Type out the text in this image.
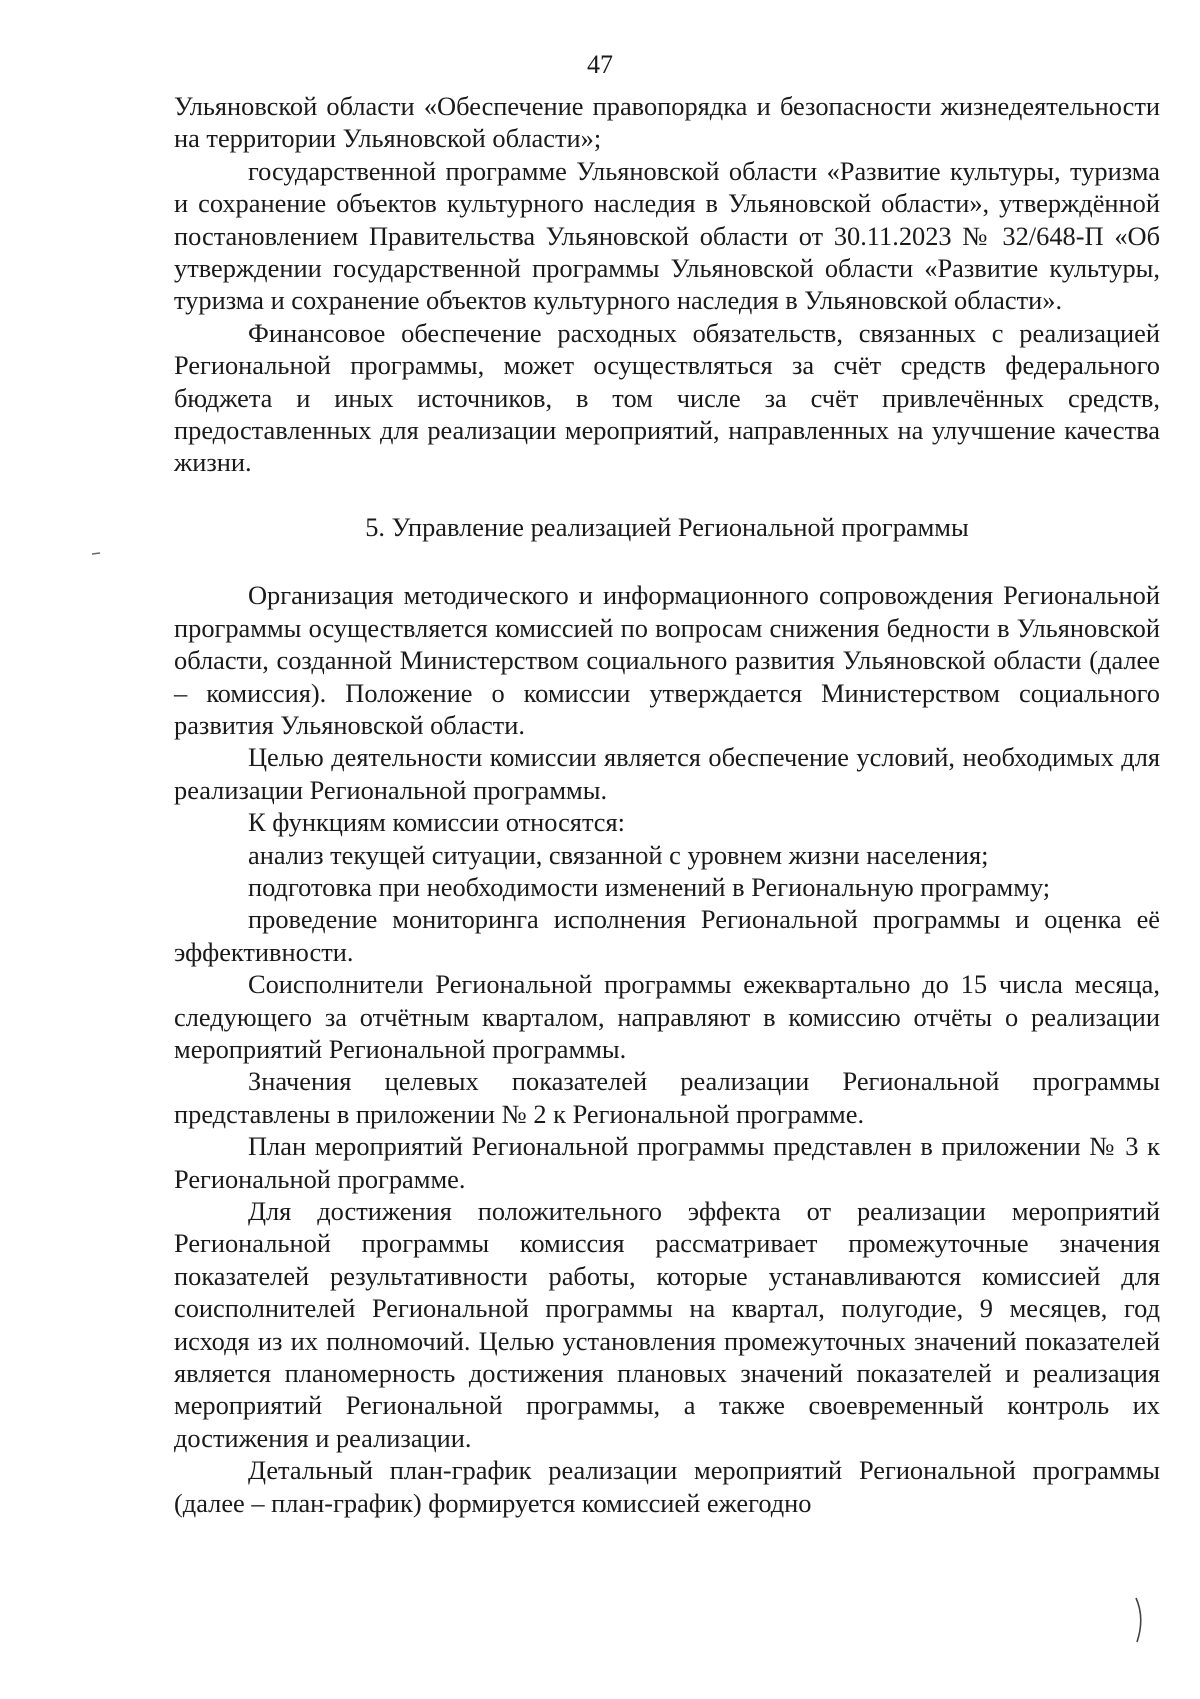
47

Ульяновской области «Обеспечение правопорядка и безопасности жизнедеятельности на территории Ульяновской области»;

государственной программе Ульяновской области «Развитие культуры, туризма и сохранение объектов культурного наследия в Ульяновской области», утверждённой постановлением Правительства Ульяновской области от 30.11.2023 № 32/648-П «Об утверждении государственной программы Ульяновской области «Развитие культуры, туризма и сохранение объектов культурного наследия в Ульяновской области».

Финансовое обеспечение расходных обязательств, связанных с реализацией Региональной программы, может осуществляться за счёт средств федерального бюджета и иных источников, в том числе за счёт привлечённых средств, предоставленных для реализации мероприятий, направленных на улучшение качества жизни.

5. Управление реализацией Региональной программы

Организация методического и информационного сопровождения Региональной программы осуществляется комиссией по вопросам снижения бедности в Ульяновской области, созданной Министерством социального развития Ульяновской области (далее – комиссия). Положение о комиссии утверждается Министерством социального развития Ульяновской области.

Целью деятельности комиссии является обеспечение условий, необходимых для реализации Региональной программы.

К функциям комиссии относятся:

анализ текущей ситуации, связанной с уровнем жизни населения;

подготовка при необходимости изменений в Региональную программу;

проведение мониторинга исполнения Региональной программы и оценка её эффективности.

Соисполнители Региональной программы ежеквартально до 15 числа месяца, следующего за отчётным кварталом, направляют в комиссию отчёты о реализации мероприятий Региональной программы.

Значения целевых показателей реализации Региональной программы представлены в приложении № 2 к Региональной программе.

План мероприятий Региональной программы представлен в приложении № 3 к Региональной программе.

Для достижения положительного эффекта от реализации мероприятий Региональной программы комиссия рассматривает промежуточные значения показателей результативности работы, которые устанавливаются комиссией для соисполнителей Региональной программы на квартал, полугодие, 9 месяцев, год исходя из их полномочий. Целью установления промежуточных значений показателей является планомерность достижения плановых значений показателей и реализация мероприятий Региональной программы, а также своевременный контроль их достижения и реализации.

Детальный план-график реализации мероприятий Региональной программы (далее – план-график) формируется комиссией ежегодно
